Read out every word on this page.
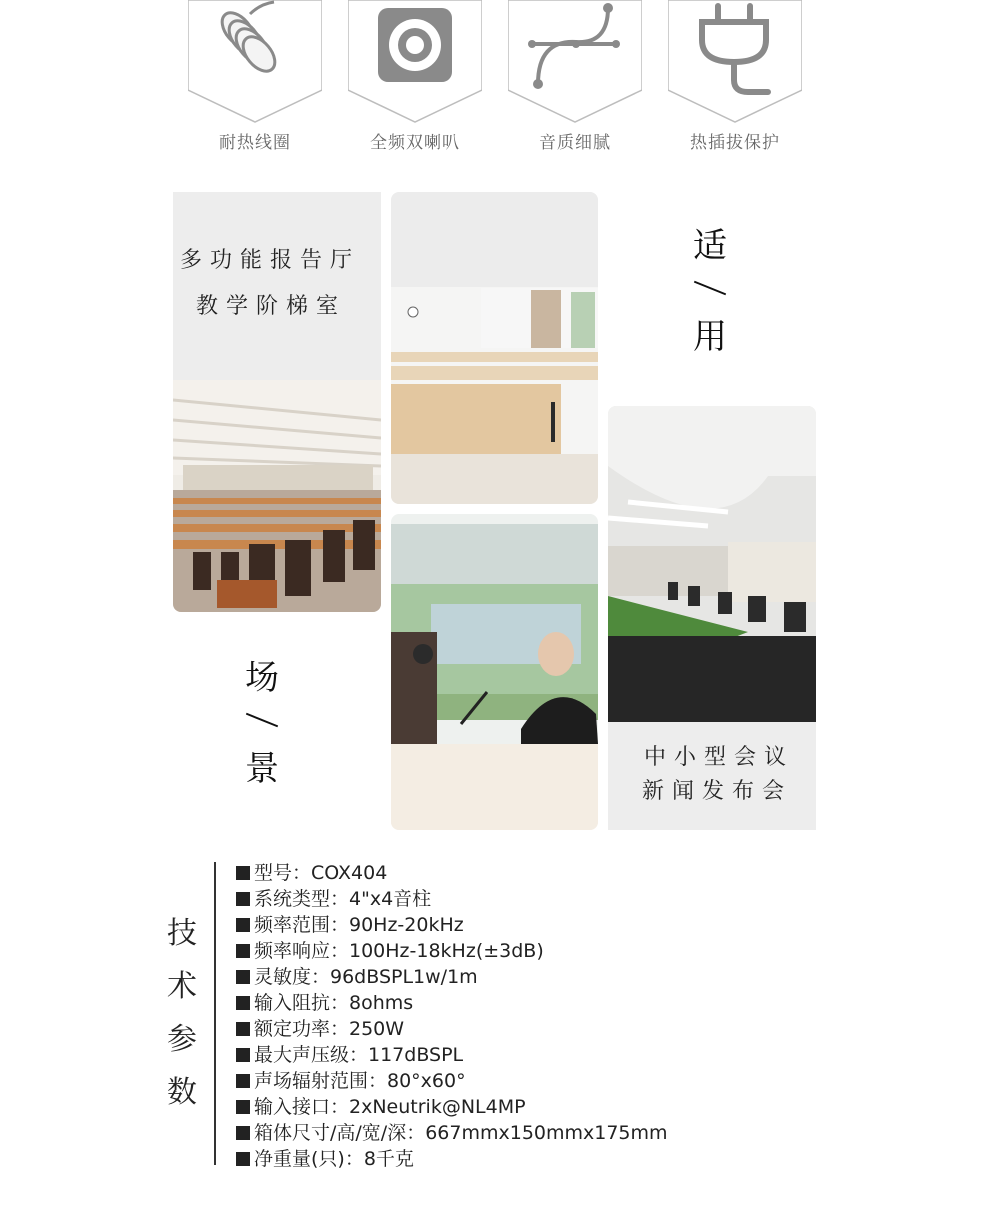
耐热线圈	全频双喇叭	音质细腻	热插拔保护
多功能报告厅
教学阶梯室
适
用
中小型会议
新闻发布会
场
景
技
术
参
数
型号：COX404
系统类型：4"x4音柱
频率范围：90Hz-20kHz
频率响应：100Hz-18kHz(±3dB)
灵敏度：96dBSPL1w/1m
输入阻抗：8ohms
额定功率：250W
最大声压级：117dBSPL
声场辐射范围：80°x60°
输入接口：2xNeutrik@NL4MP
箱体尺寸/高/宽/深：667mmx150mmx175mm
净重量(只)：8千克
